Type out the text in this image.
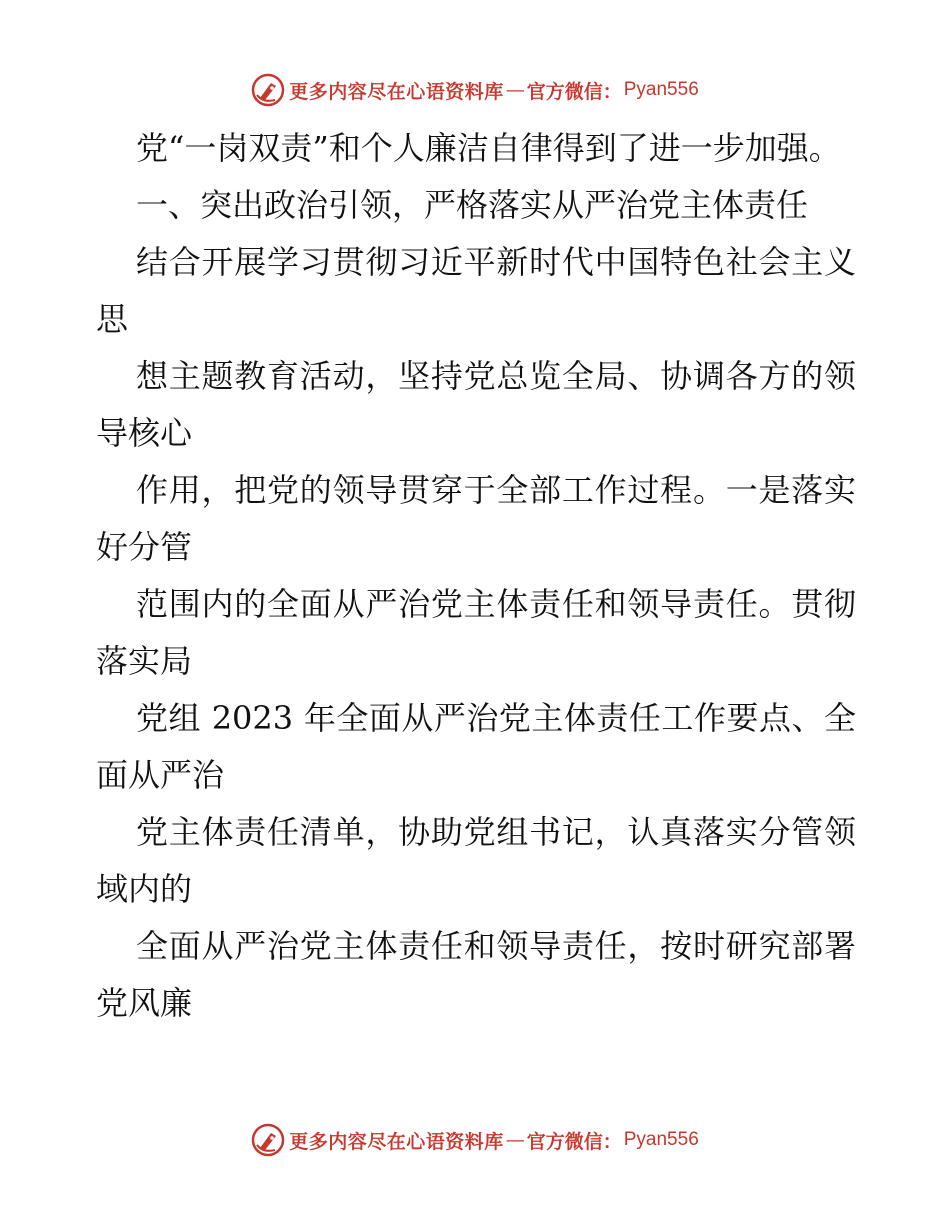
更多内容尽在心语资料库 — 官方微信： Pyan556

党“一岗双责”和个人廉洁自律得到了进一步加强。

一、突出政治引领，严格落实从严治党主体责任

结合开展学习贯彻习近平新时代中国特色社会主义思

想主题教育活动，坚持党总览全局、协调各方的领导核心

作用，把党的领导贯穿于全部工作过程。一是落实好分管

范围内的全面从严治党主体责任和领导责任。贯彻落实局

党组 2023 年全面从严治党主体责任工作要点、全面从严治

党主体责任清单，协助党组书记，认真落实分管领域内的

全面从严治党主体责任和领导责任，按时研究部署党风廉

更多内容尽在心语资料库 — 官方微信： Pyan556
